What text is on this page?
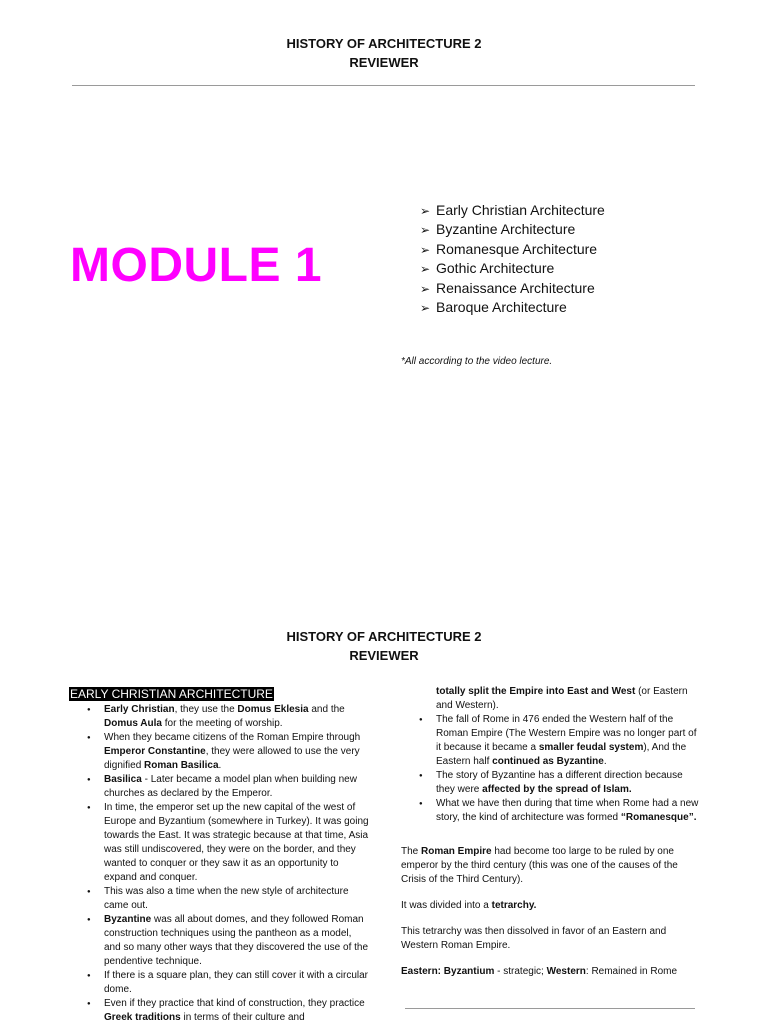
HISTORY OF ARCHITECTURE 2
REVIEWER
MODULE 1
➢ Early Christian Architecture
➢ Byzantine Architecture
➢ Romanesque Architecture
➢ Gothic Architecture
➢ Renaissance Architecture
➢ Baroque Architecture
*All according to the video lecture.
HISTORY OF ARCHITECTURE 2
REVIEWER
EARLY CHRISTIAN ARCHITECTURE
● Early Christian, they use the Domus Eklesia and the Domus Aula for the meeting of worship.
● When they became citizens of the Roman Empire through Emperor Constantine, they were allowed to use the very dignified Roman Basilica.
● Basilica - Later became a model plan when building new churches as declared by the Emperor.
● In time, the emperor set up the new capital of the west of Europe and Byzantium (somewhere in Turkey). It was going towards the East. It was strategic because at that time, Asia was still undiscovered, they were on the border, and they wanted to conquer or they saw it as an opportunity to expand and conquer.
● This was also a time when the new style of architecture came out.
● Byzantine was all about domes, and they followed Roman construction techniques using the pantheon as a model, and so many other ways that they discovered the use of the pendentive technique.
● If there is a square plan, they can still cover it with a circular dome.
● Even if they practice that kind of construction, they practice Greek traditions in terms of their culture and
totally split the Empire into East and West (or Eastern and Western).
● The fall of Rome in 476 ended the Western half of the Roman Empire (The Western Empire was no longer part of it because it became a smaller feudal system), And the Eastern half continued as Byzantine.
● The story of Byzantine has a different direction because they were affected by the spread of Islam.
● What we have then during that time when Rome had a new story, the kind of architecture was formed “Romanesque”.

The Roman Empire had become too large to be ruled by one emperor by the third century (this was one of the causes of the Crisis of the Third Century).

It was divided into a tetrarchy.

This tetrarchy was then dissolved in favor of an Eastern and Western Roman Empire.

Eastern: Byzantium - strategic; Western: Remained in Rome
